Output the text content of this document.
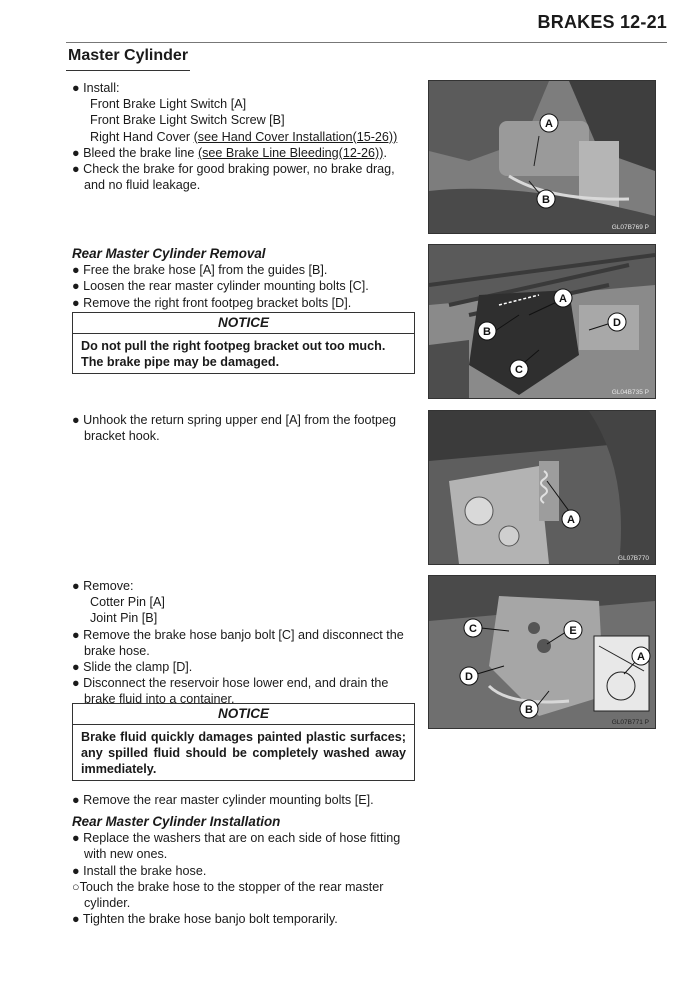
BRAKES 12-21
Master Cylinder

● Install:

Front Brake Light Switch [A]

Front Brake Light Switch Screw [B]

Right Hand Cover (see Hand Cover Installation(15-26))

● Bleed the brake line (see Brake Line Bleeding(12-26)).

● Check the brake for good braking power, no brake drag, and no fluid leakage.

Rear Master Cylinder Removal

● Free the brake hose [A] from the guides [B].

● Loosen the rear master cylinder mounting bolts [C].

● Remove the right front footpeg bracket bolts [D].

NOTICE
Do not pull the right footpeg bracket out too much. The brake pipe may be damaged.

● Unhook the return spring upper end [A] from the footpeg bracket hook.

● Remove:

Cotter Pin [A]

Joint Pin [B]

● Remove the brake hose banjo bolt [C] and disconnect the brake hose.

● Slide the clamp [D].

● Disconnect the reservoir hose lower end, and drain the brake fluid into a container.

NOTICE
Brake fluid quickly damages painted plastic surfaces; any spilled fluid should be completely washed away immediately.

● Remove the rear master cylinder mounting bolts [E].

Rear Master Cylinder Installation

● Replace the washers that are on each side of hose fitting with new ones.

● Install the brake hose.

○Touch the brake hose to the stopper of the rear master cylinder.

● Tighten the brake hose banjo bolt temporarily.

A
B
GL07B769 P
A
B
C
D
GL04B735 P
A
GL07B770
C
D
B
E
A
GL07B771 P
